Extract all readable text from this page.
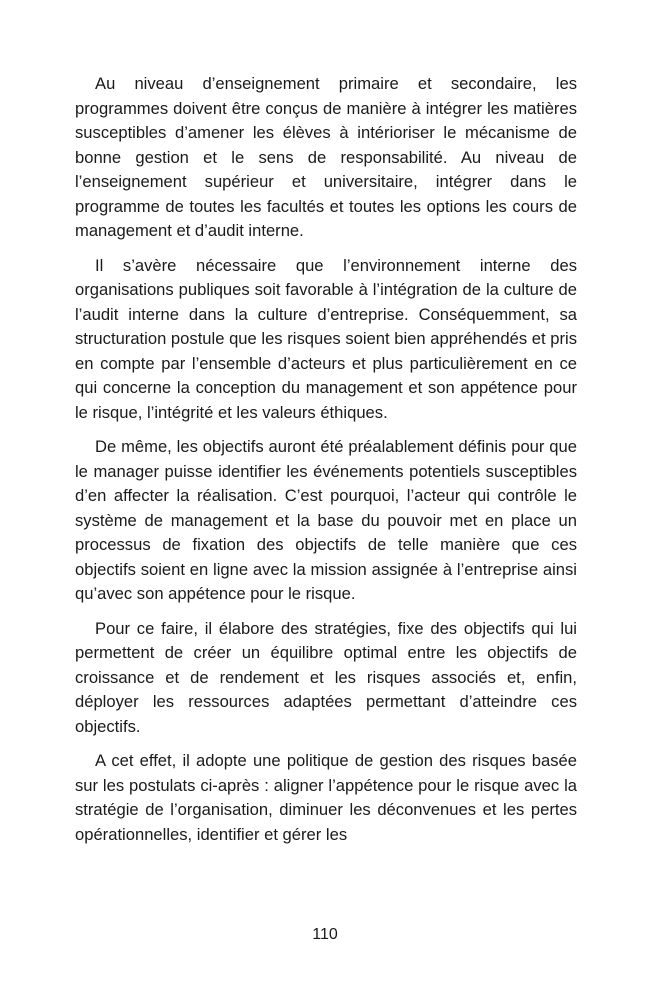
Au niveau d’enseignement primaire et secondaire, les programmes doivent être conçus de manière à intégrer les matières susceptibles d’amener les élèves à intérioriser le mécanisme de bonne gestion et le sens de responsabilité. Au niveau de l’enseignement supérieur et universitaire, intégrer dans le programme de toutes les facultés et toutes les options les cours de management et d’audit interne.

Il s’avère nécessaire que l’environnement interne des organisations publiques soit favorable à l’intégration de la culture de l’audit interne dans la culture d’entreprise. Conséquemment, sa structuration postule que les risques soient bien appréhendés et pris en compte par l’ensemble d’acteurs et plus particulièrement en ce qui concerne la conception du management et son appétence pour le risque, l’intégrité et les valeurs éthiques.

De même, les objectifs auront été préalablement définis pour que le manager puisse identifier les événements potentiels susceptibles d’en affecter la réalisation. C’est pourquoi, l’acteur qui contrôle le système de management et la base du pouvoir met en place un processus de fixation des objectifs de telle manière que ces objectifs soient en ligne avec la mission assignée à l’entreprise ainsi qu’avec son appétence pour le risque.

Pour ce faire, il élabore des stratégies, fixe des objectifs qui lui permettent de créer un équilibre optimal entre les objectifs de croissance et de rendement et les risques associés et, enfin, déployer les ressources adaptées permettant d’atteindre ces objectifs.

A cet effet, il adopte une politique de gestion des risques basée sur les postulats ci-après : aligner l’appétence pour le risque avec la stratégie de l’organisation, diminuer les déconvenues et les pertes opérationnelles, identifier et gérer les

110
